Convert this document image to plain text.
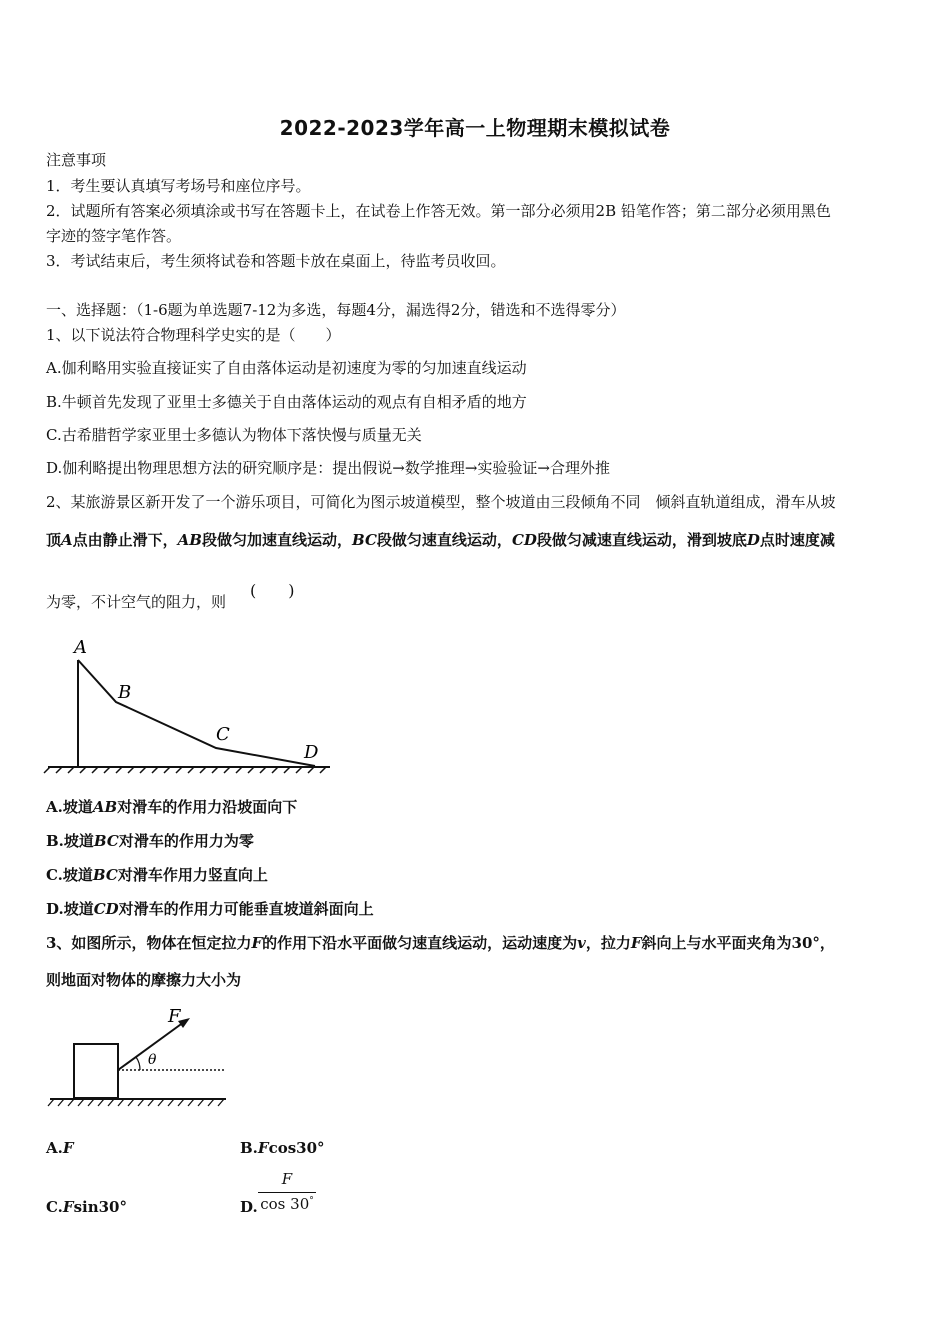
2022-2023学年高一上物理期末模拟试卷
注意事项
1．考生要认真填写考场号和座位序号。
2．试题所有答案必须填涂或书写在答题卡上，在试卷上作答无效。第一部分必须用2B 铅笔作答；第二部分必须用黑色
字迹的签字笔作答。
3．考试结束后，考生须将试卷和答题卡放在桌面上，待监考员收回。
一、选择题：（1-6题为单选题7-12为多选，每题4分，漏选得2分，错选和不选得零分）
1、以下说法符合物理科学史实的是（　　）
A.伽利略用实验直接证实了自由落体运动是初速度为零的匀加速直线运动
B.牛顿首先发现了亚里士多德关于自由落体运动的观点有自相矛盾的地方
C.古希腊哲学家亚里士多德认为物体下落快慢与质量无关
D.伽利略提出物理思想方法的研究顺序是：提出假说→数学推理→实验验证→合理外推
2、某旅游景区新开发了一个游乐项目，可简化为图示坡道模型，整个坡道由三段倾角不同　倾斜直轨道组成，滑车从坡
顶A点由静止滑下，AB段做匀加速直线运动，BC段做匀速直线运动，CD段做匀减速直线运动，滑到坡底D点时速度减
为零，不计空气的阻力，则
(　　)
A
B
C
D
A.坡道AB对滑车的作用力沿坡面向下
B.坡道BC对滑车的作用力为零
C.坡道BC对滑车作用力竖直向上
D.坡道CD对滑车的作用力可能垂直坡道斜面向上
3、如图所示，物体在恒定拉力F的作用下沿水平面做匀速直线运动，运动速度为v，拉力F斜向上与水平面夹角为30°，
则地面对物体的摩擦力大小为
F
θ
A.F	B.Fcos30°
C.Fsin30°	D.
F
cos 30°
